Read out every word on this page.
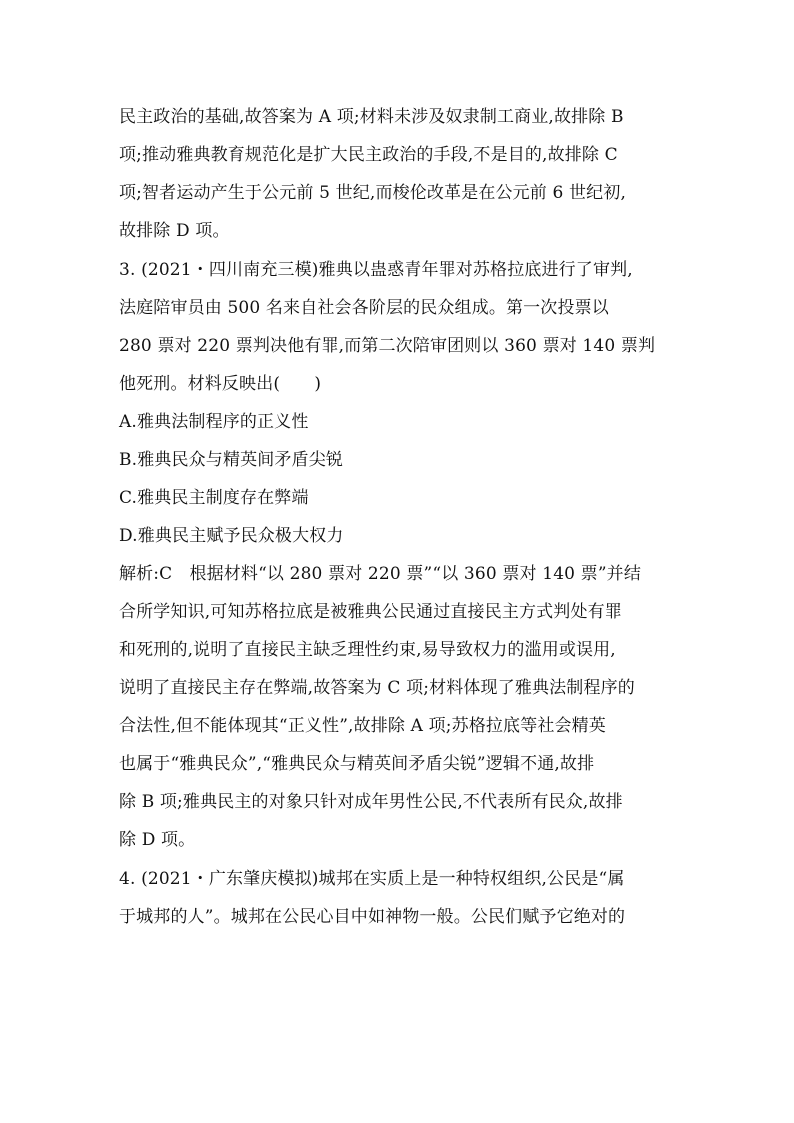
民主政治的基础,故答案为 A 项;材料未涉及奴隶制工商业,故排除 B
项;推动雅典教育规范化是扩大民主政治的手段,不是目的,故排除 C
项;智者运动产生于公元前 5 世纪,而梭伦改革是在公元前 6 世纪初,
故排除 D 项。
3. (2021・四川南充三模)雅典以蛊惑青年罪对苏格拉底进行了审判,
法庭陪审员由 500 名来自社会各阶层的民众组成。第一次投票以
280 票对 220 票判决他有罪,而第二次陪审团则以 360 票对 140 票判
他死刑。材料反映出(　　)
A.雅典法制程序的正义性
B.雅典民众与精英间矛盾尖锐
C.雅典民主制度存在弊端
D.雅典民主赋予民众极大权力
解析:C　根据材料“以 280 票对 220 票”“以 360 票对 140 票”并结
合所学知识,可知苏格拉底是被雅典公民通过直接民主方式判处有罪
和死刑的,说明了直接民主缺乏理性约束,易导致权力的滥用或误用,
说明了直接民主存在弊端,故答案为 C 项;材料体现了雅典法制程序的
合法性,但不能体现其“正义性”,故排除 A 项;苏格拉底等社会精英
也属于“雅典民众”,“雅典民众与精英间矛盾尖锐”逻辑不通,故排
除 B 项;雅典民主的对象只针对成年男性公民,不代表所有民众,故排
除 D 项。
4. (2021・广东肇庆模拟)城邦在实质上是一种特权组织,公民是“属
于城邦的人”。城邦在公民心目中如神物一般。公民们赋予它绝对的
